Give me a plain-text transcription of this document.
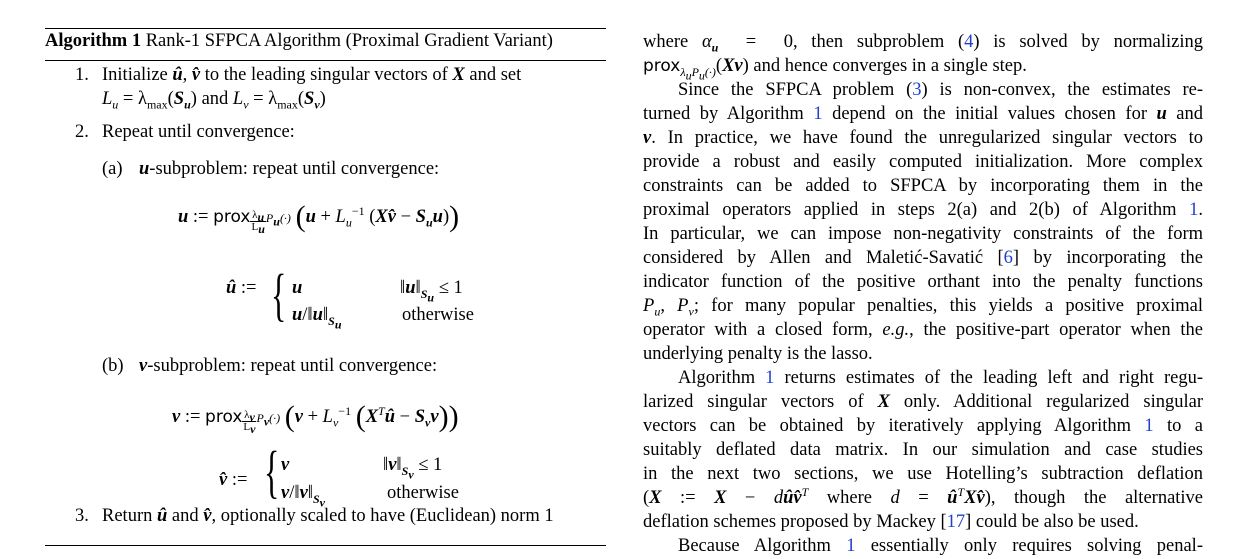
Algorithm 1 Rank-1 SFPCA Algorithm (Proximal Gradient Variant)
1. Initialize û, v̂ to the leading singular vectors of X and set
$L_u = \lambda_{max}(S_u)$ and $L_v = \lambda_{max}(S_v)$
2. Repeat until convergence:
(a) u-subproblem: repeat until convergence:
u := prox $\frac{\lambda_u}{L_u} P_u(\cdot) (u + L_u^{-1}$ (Xv̂ − $S_uu$))
û := { u	$‖u‖_{S_u} \le 1$
$u/‖u‖_{S_u}$	otherwise
(b) v-subproblem: repeat until convergence:
v := prox $\frac{\lambda_v}{L_v} P_v(\cdot) (v + L_v^{-1}$ $(X^Tû - S_vv)$)
v̂ := { v	$‖v‖_{S_v} \le 1$
$v/‖v‖_{S_v}$	otherwise
3. Return û and v̂, optionally scaled to have (Euclidean) norm 1
where $\alpha_u = 0$, then subproblem (4) is solved by normalizing
prox$_{\lambda_uP_u(\cdot)}$(Xv) and hence converges in a single step.
Since the SFPCA problem (3) is non-convex, the estimates re-
turned by Algorithm 1 depend on the initial values chosen for u and
v. In practice, we have found the unregularized singular vectors to
provide a robust and easily computed initialization. More complex
constraints can be added to SFPCA by incorporating them in the
proximal operators applied in steps 2(a) and 2(b) of Algorithm 1.
In particular, we can impose non-negativity constraints of the form
considered by Allen and Maletić-Savatić [6] by incorporating the
indicator function of the positive orthant into the penalty functions
$P_u$, $P_v$; for many popular penalties, this yields a positive proximal
operator with a closed form, e.g., the positive-part operator when the
underlying penalty is the lasso.
Algorithm 1 returns estimates of the leading left and right regu-
larized singular vectors of X only. Additional regularized singular
vectors can be obtained by iteratively applying Algorithm 1 to a
suitably deflated data matrix. In our simulation and case studies
in the next two sections, we use Hotelling’s subtraction deflation
(X := X − dûv̂$^T$ where $d = û^TXv̂$), though the alternative
deflation schemes proposed by Mackey [17] could be also be used.
Because Algorithm 1 essentially only requires solving penal-
